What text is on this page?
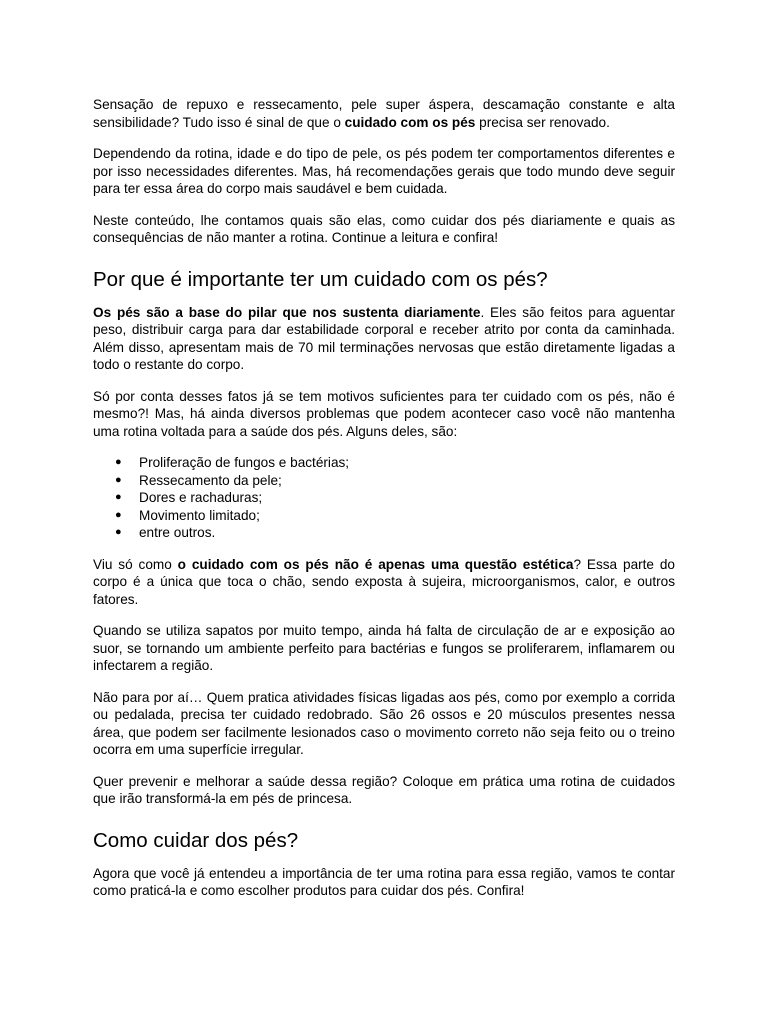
Sensação de repuxo e ressecamento, pele super áspera, descamação constante e alta sensibilidade? Tudo isso é sinal de que o cuidado com os pés precisa ser renovado.

Dependendo da rotina, idade e do tipo de pele, os pés podem ter comportamentos diferentes e por isso necessidades diferentes. Mas, há recomendações gerais que todo mundo deve seguir para ter essa área do corpo mais saudável e bem cuidada.

Neste conteúdo, lhe contamos quais são elas, como cuidar dos pés diariamente e quais as consequências de não manter a rotina. Continue a leitura e confira!

Por que é importante ter um cuidado com os pés?

Os pés são a base do pilar que nos sustenta diariamente. Eles são feitos para aguentar peso, distribuir carga para dar estabilidade corporal e receber atrito por conta da caminhada. Além disso, apresentam mais de 70 mil terminações nervosas que estão diretamente ligadas a todo o restante do corpo.

Só por conta desses fatos já se tem motivos suficientes para ter cuidado com os pés, não é mesmo?! Mas, há ainda diversos problemas que podem acontecer caso você não mantenha uma rotina voltada para a saúde dos pés. Alguns deles, são:

● Proliferação de fungos e bactérias;
● Ressecamento da pele;
● Dores e rachaduras;
● Movimento limitado;
● entre outros.

Viu só como o cuidado com os pés não é apenas uma questão estética? Essa parte do corpo é a única que toca o chão, sendo exposta à sujeira, microorganismos, calor, e outros fatores.

Quando se utiliza sapatos por muito tempo, ainda há falta de circulação de ar e exposição ao suor, se tornando um ambiente perfeito para bactérias e fungos se proliferarem, inflamarem ou infectarem a região.

Não para por aí… Quem pratica atividades físicas ligadas aos pés, como por exemplo a corrida ou pedalada, precisa ter cuidado redobrado. São 26 ossos e 20 músculos presentes nessa área, que podem ser facilmente lesionados caso o movimento correto não seja feito ou o treino ocorra em uma superfície irregular.

Quer prevenir e melhorar a saúde dessa região? Coloque em prática uma rotina de cuidados que irão transformá-la em pés de princesa.

Como cuidar dos pés?

Agora que você já entendeu a importância de ter uma rotina para essa região, vamos te contar como praticá-la e como escolher produtos para cuidar dos pés. Confira!
